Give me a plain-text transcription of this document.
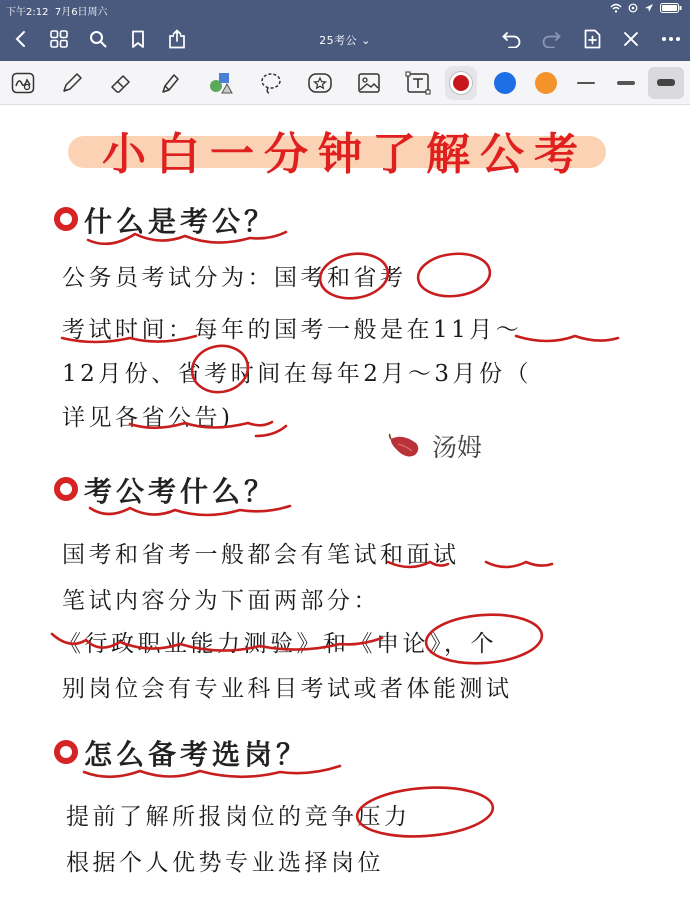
下午2:12 7月6日周六
25考公 ⌄
小白一分钟了解公考
什么是考公？
公务员考试分为：国考和省考
考试时间：每年的国考一般是在11月～
12月份、省考时间在每年2月～3月份（
详见各省公告)
汤姆
考公考什么？
国考和省考一般都会有笔试和面试
笔试内容分为下面两部分：
《行政职业能力测验》和《申论》，个
别岗位会有专业科目考试或者体能测试
怎么备考选岗？
提前了解所报岗位的竞争压力
根据个人优势专业选择岗位
